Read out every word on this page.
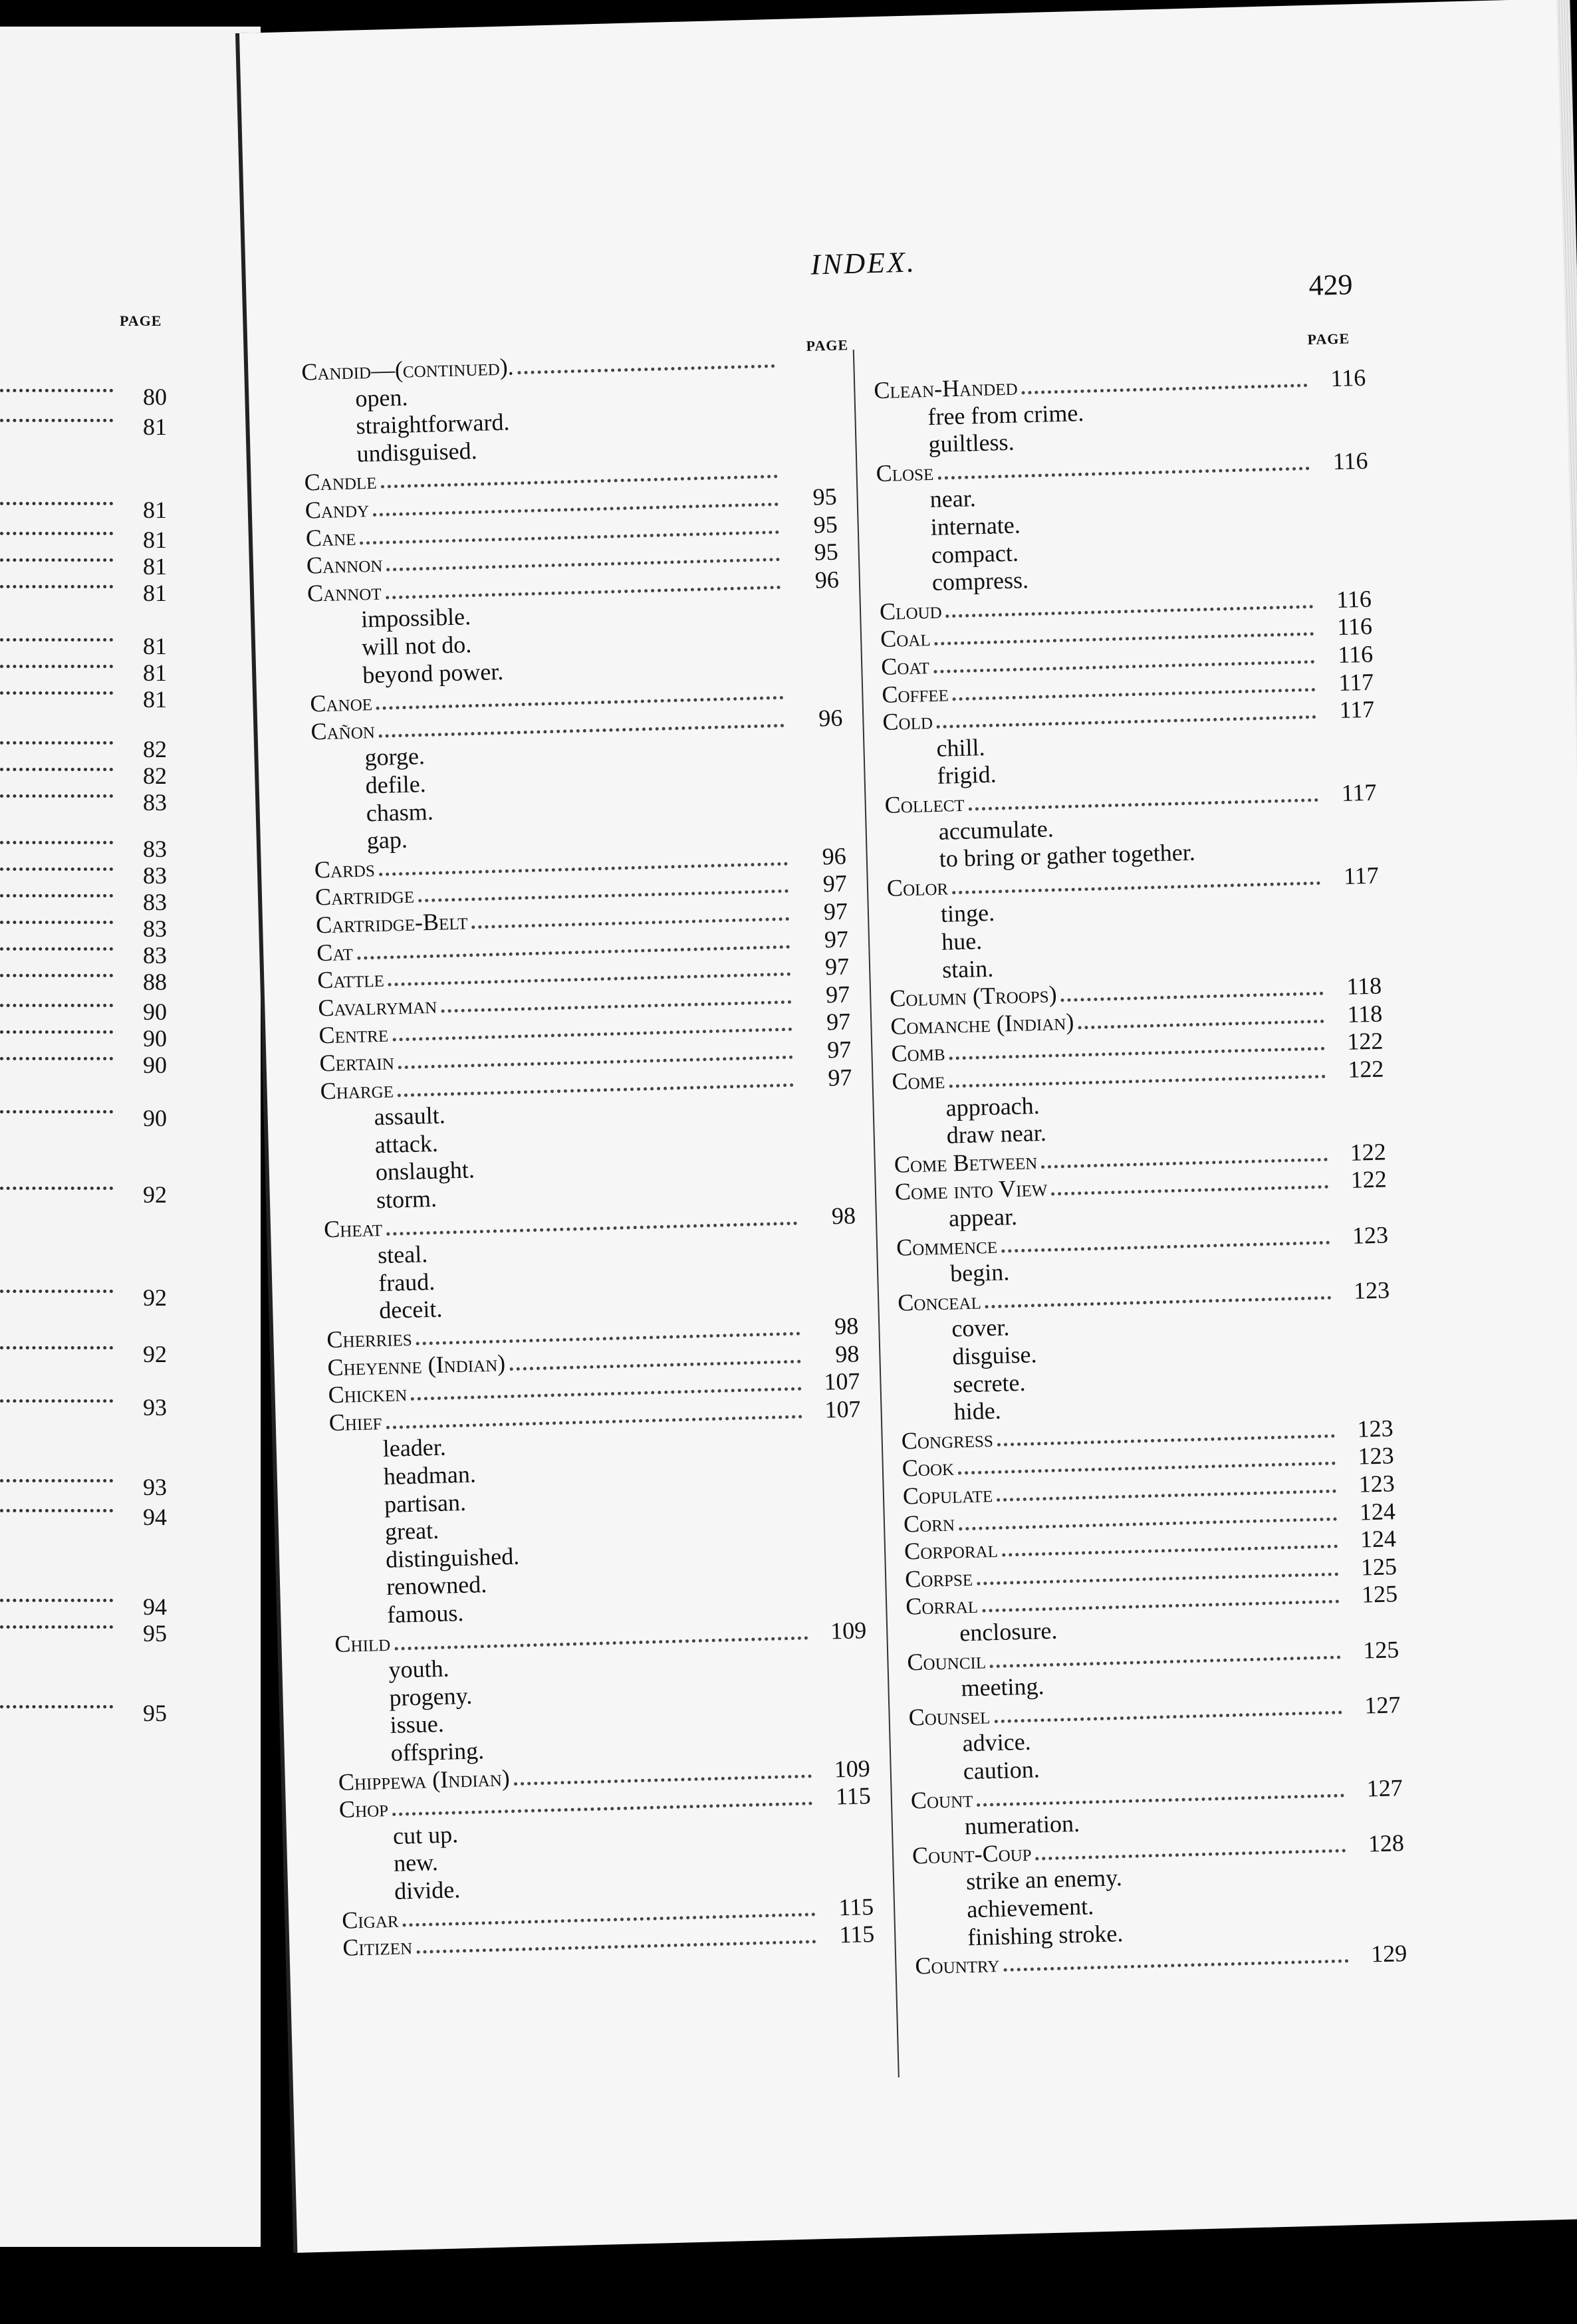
PAGE
80
81
81
81
81
81
81
81
81
82
82
83
83
83
83
83
83
88
90
90
90
90
92
92
92
93
93
94
94
95
95
INDEX.
429
PAGE	PAGE
Candid—(continued).
open.
straightforward.
undisguised.
Candle
Candy	95
Cane	95
Cannon	95
Cannot	96
impossible.
will not do.
beyond power.
Canoe
Cañon	96
gorge.
defile.
chasm.
gap.
Cards	96
Cartridge	97
Cartridge-Belt	97
Cat	97
Cattle	97
Cavalryman	97
Centre	97
Certain	97
Charge	97
assault.
attack.
onslaught.
storm.
Cheat	98
steal.
fraud.
deceit.
Cherries	98
Cheyenne (Indian)	98
Chicken	107
Chief	107
leader.
headman.
partisan.
great.
distinguished.
renowned.
famous.
Child	109
youth.
progeny.
issue.
offspring.
Chippewa (Indian)	109
Chop	115
cut up.
new.
divide.
Cigar	115
Citizen	115
Clean-Handed	116
free from crime.
guiltless.
Close	116
near.
internate.
compact.
compress.
Cloud	116
Coal	116
Coat	116
Coffee	117
Cold	117
chill.
frigid.
Collect	117
accumulate.
to bring or gather together.
Color	117
tinge.
hue.
stain.
Column (Troops)	118
Comanche (Indian)	118
Comb	122
Come	122
approach.
draw near.
Come Between	122
Come into View	122
appear.
Commence	123
begin.
Conceal	123
cover.
disguise.
secrete.
hide.
Congress	123
Cook	123
Copulate	123
Corn	124
Corporal	124
Corpse	125
Corral	125
enclosure.
Council	125
meeting.
Counsel	127
advice.
caution.
Count	127
numeration.
Count-Coup	128
strike an enemy.
achievement.
finishing stroke.
Country	129
